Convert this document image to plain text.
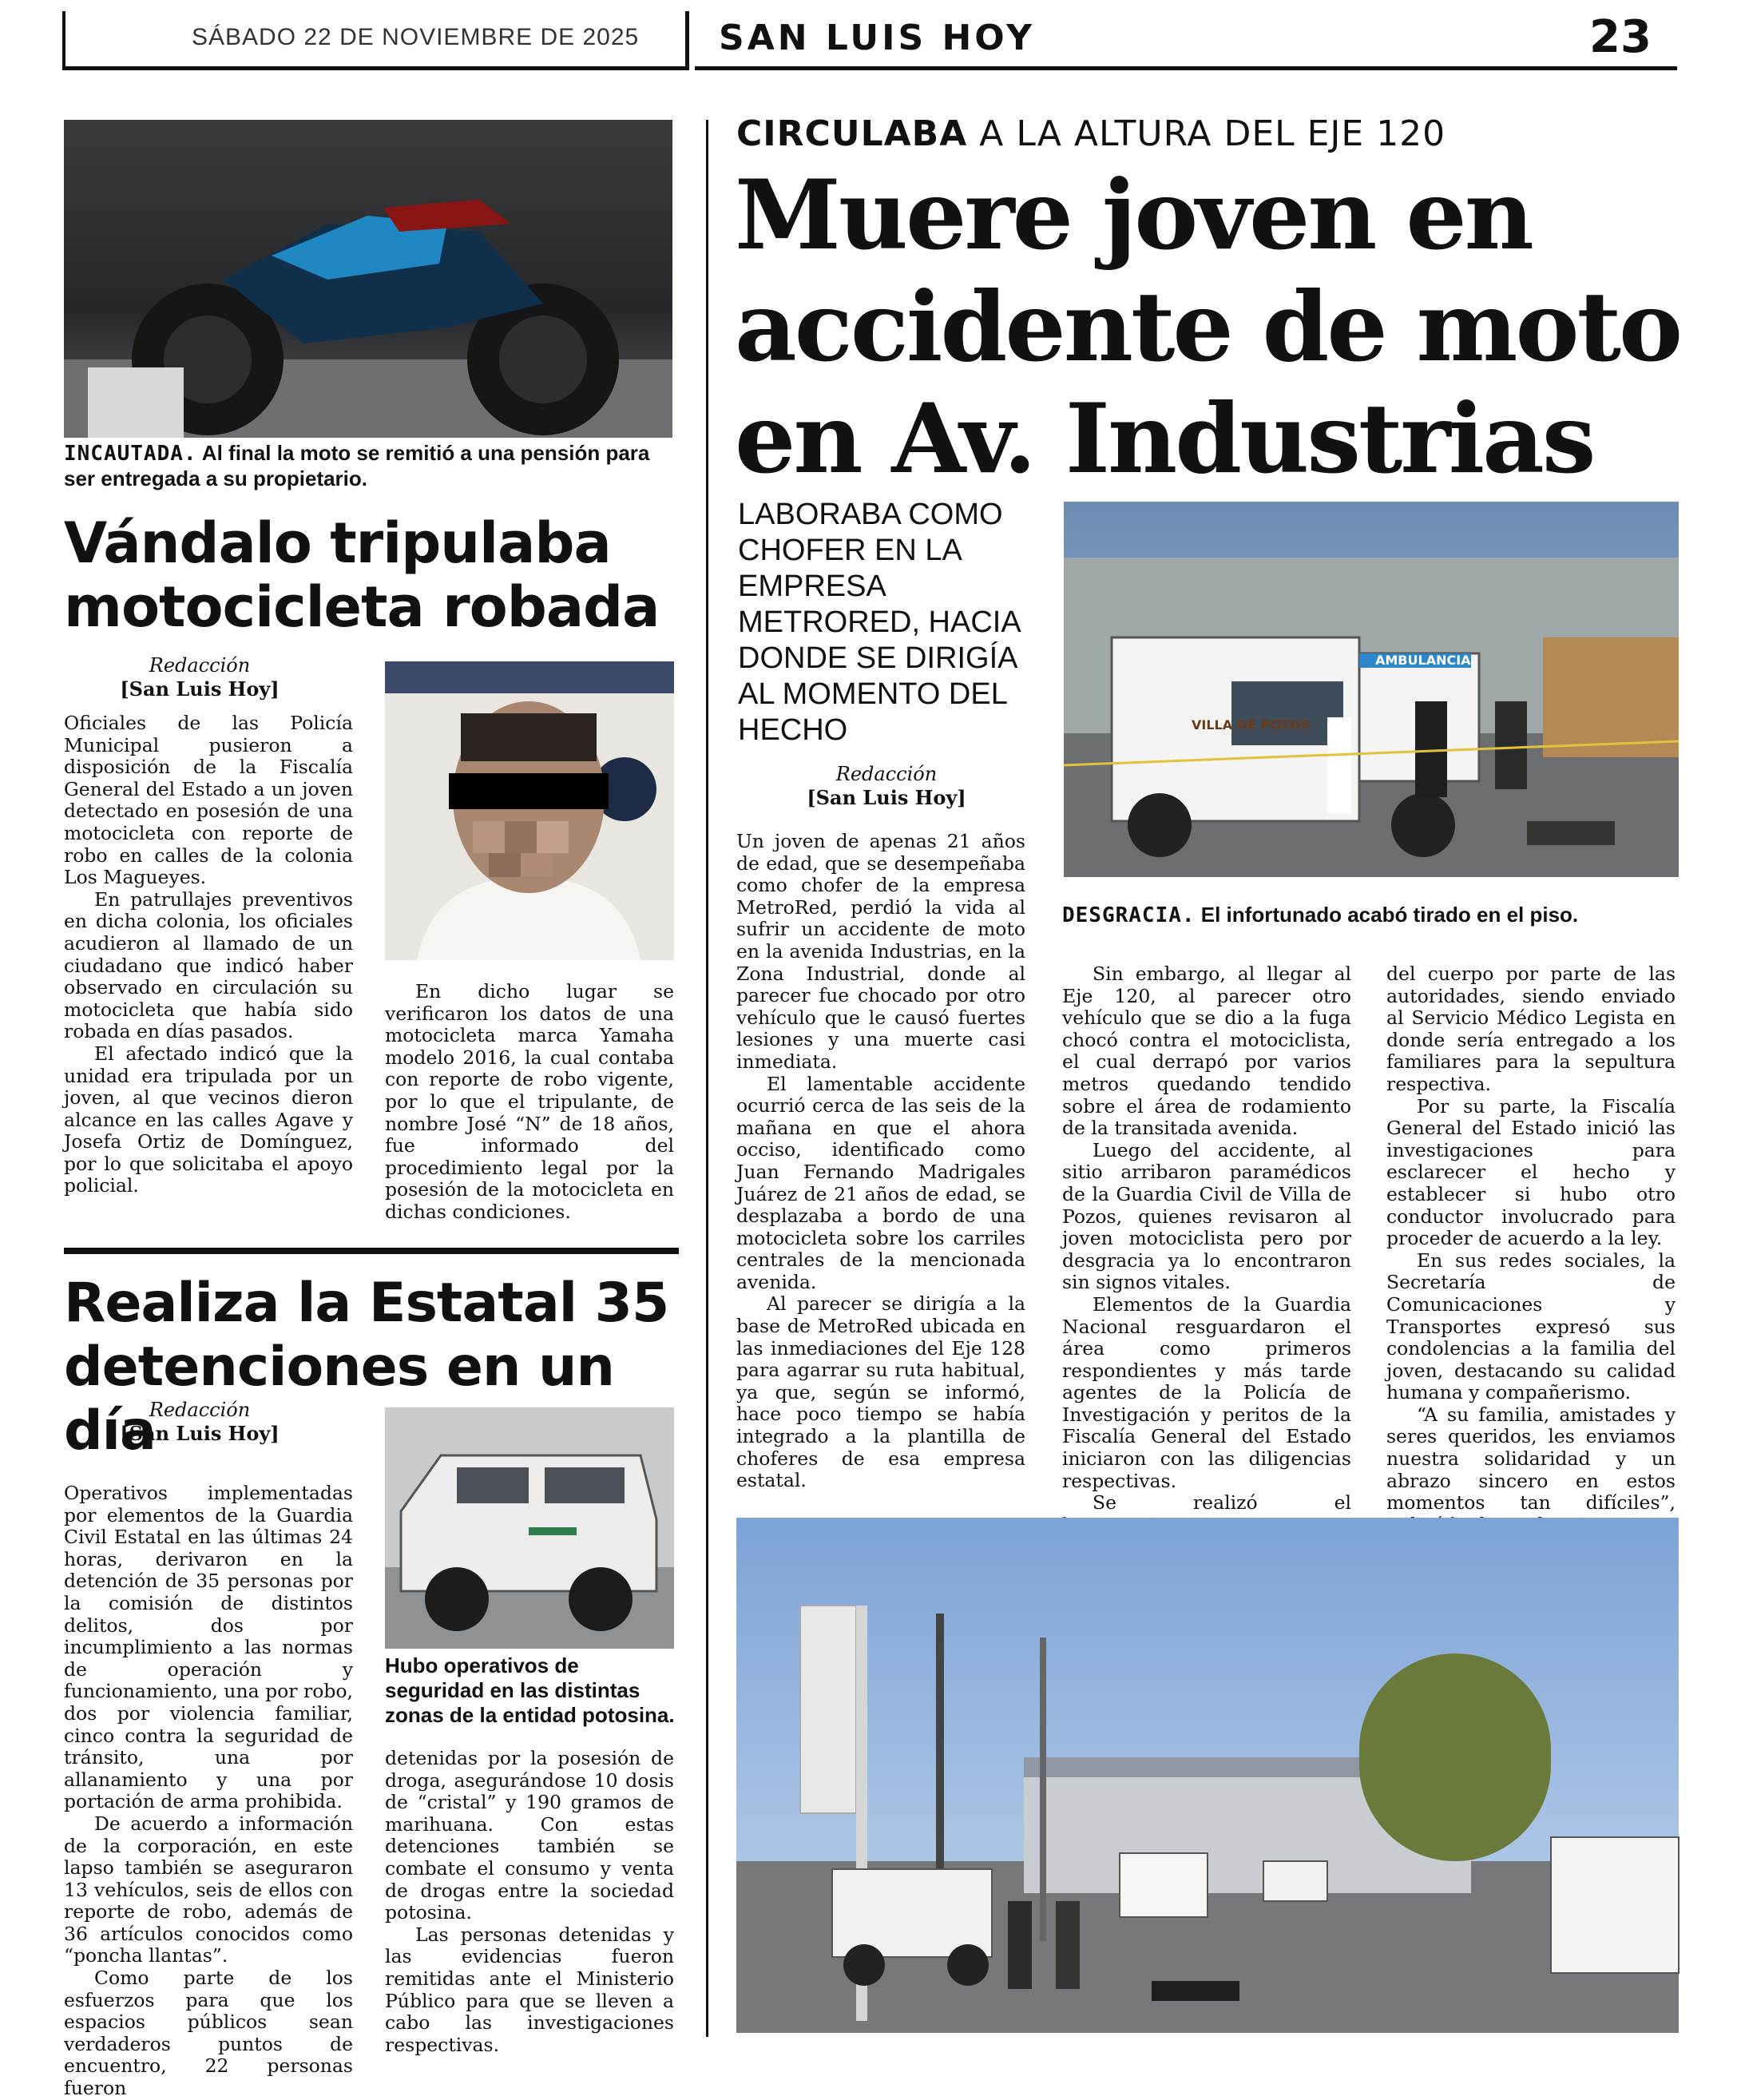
SÁBADO 22 DE NOVIEMBRE DE 2025 SAN LUIS HOY	POLICÍA	23
INCAUTADA. Al final la moto se remitió a una pensión para ser entregada a su propietario.
Vándalo tripulaba motocicleta robada
Redacción
[San Luis Hoy]

Oficiales de las Policía Municipal pusieron a disposición de la Fiscalía General del Estado a un joven detectado en posesión de una motocicleta con reporte de robo en calles de la colonia Los Magueyes.

En patrullajes preventivos en dicha colonia, los oficiales acudieron al llamado de un ciudadano que indicó haber observado en circulación su motocicleta que había sido robada en días pasados.

El afectado indicó que la unidad era tripulada por un joven, al que vecinos dieron alcance en las calles Agave y Josefa Ortiz de Domínguez, por lo que solicitaba el apoyo policial.

En dicho lugar se verificaron los datos de una motocicleta marca Yamaha modelo 2016, la cual contaba con reporte de robo vigente, por lo que el tripulante, de nombre José “N” de 18 años, fue informado del procedimiento legal por la posesión de la motocicleta en dichas condiciones.

Realiza la Estatal 35 detenciones en un día
Redacción
[San Luis Hoy]
Hubo operativos de seguridad en las distintas zonas de la entidad potosina.

Operativos implementadas por elementos de la Guardia Civil Estatal en las últimas 24 horas, derivaron en la detención de 35 personas por la comisión de distintos delitos, dos por incumplimiento a las normas de operación y funcionamiento, una por robo, dos por violencia familiar, cinco contra la seguridad de tránsito, una por allanamiento y una por portación de arma prohibida.

De acuerdo a información de la corporación, en este lapso también se aseguraron 13 vehículos, seis de ellos con reporte de robo, además de 36 artículos conocidos como “poncha llantas”.

Como parte de los esfuerzos para que los espacios públicos sean verdaderos puntos de encuentro, 22 personas fueron

detenidas por la posesión de droga, asegurándose 10 dosis de “cristal” y 190 gramos de marihuana. Con estas detenciones también se combate el consumo y venta de drogas entre la sociedad potosina.

Las personas detenidas y las evidencias fueron remitidas ante el Ministerio Público para que se lleven a cabo las investigaciones respectivas.

CIRCULABA A LA ALTURA DEL EJE 120
Muere joven en accidente de moto en Av. Industrias
LABORABA COMO CHOFER EN LA EMPRESA METRORED, HACIA DONDE SE DIRIGÍA AL MOMENTO DEL HECHO
Redacción
[San Luis Hoy]
AMBULANCIA
VILLA DE POZOS
DESGRACIA. El infortunado acabó tirado en el piso.

Un joven de apenas 21 años de edad, que se desempeñaba como chofer de la empresa MetroRed, perdió la vida al sufrir un accidente de moto en la avenida Industrias, en la Zona Industrial, donde al parecer fue chocado por otro vehículo que le causó fuertes lesiones y una muerte casi inmediata.

El lamentable accidente ocurrió cerca de las seis de la mañana en que el ahora occiso, identificado como Juan Fernando Madrigales Juárez de 21 años de edad, se desplazaba a bordo de una motocicleta sobre los carriles centrales de la mencionada avenida.

Al parecer se dirigía a la base de MetroRed ubicada en las inmediaciones del Eje 128 para agarrar su ruta habitual, ya que, según se informó, hace poco tiempo se había integrado a la plantilla de choferes de esa empresa estatal.

Sin embargo, al llegar al Eje 120, al parecer otro vehículo que se dio a la fuga chocó contra el motociclista, el cual derrapó por varios metros quedando tendido sobre el área de rodamiento de la transitada avenida.

Luego del accidente, al sitio arribaron paramédicos de la Guardia Civil de Villa de Pozos, quienes revisaron al joven motociclista pero por desgracia ya lo encontraron sin signos vitales.

Elementos de la Guardia Nacional resguardaron el área como primeros respondientes y más tarde agentes de la Policía de Investigación y peritos de la Fiscalía General del Estado iniciaron con las diligencias respectivas.

Se realizó el

del cuerpo por parte de las autoridades, siendo enviado al Servicio Médico Legista en donde sería entregado a los familiares para la sepultura respectiva.

Por su parte, la Fiscalía General del Estado inició las investigaciones para esclarecer el hecho y establecer si hubo otro conductor involucrado para proceder de acuerdo a la ley.

En sus redes sociales, la Secretaría de Comunicaciones y Transportes expresó sus condolencias a la familia del joven, destacando su calidad humana y compañerismo.

“A su familia, amistades y seres queridos, les enviamos nuestra solidaridad y un abrazo sincero en estos momentos tan difíciles”,
